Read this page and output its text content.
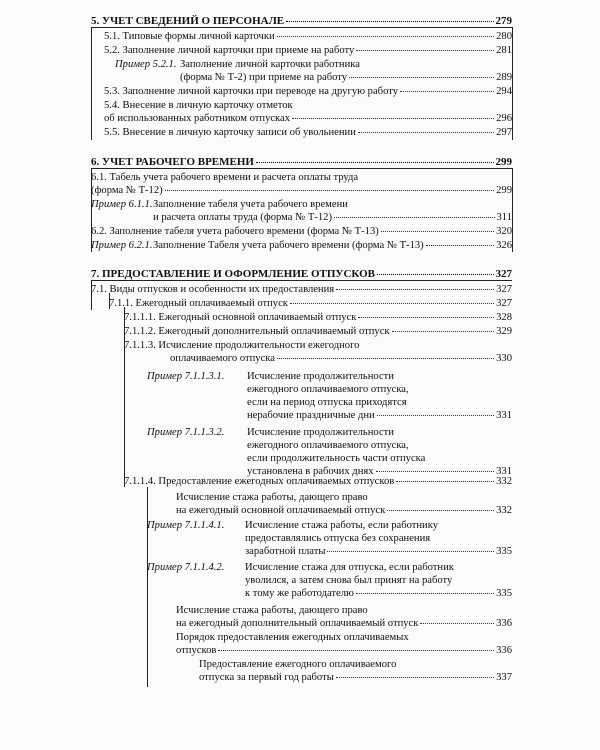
5. УЧЕТ СВЕДЕНИЙ О ПЕРСОНАЛЕ	279
5.1. Типовые формы личной карточки	280
5.2. Заполнение личной карточки при приеме на работу	281
Пример 5.2.1. Заполнение личной карточки работника
(форма № Т-2) при приеме на работу	289
5.3. Заполнение личной карточки при переводе на другую работу	294
5.4. Внесение в личную карточку отметок
об использованных работником отпусках	296
5.5. Внесение в личную карточку записи об увольнении	297
6. УЧЕТ РАБОЧЕГО ВРЕМЕНИ	299
6.1. Табель учета рабочего времени и расчета оплаты труда
(форма № Т-12)	299
Пример 6.1.1. Заполнение табеля учета рабочего времени
и расчета оплаты труда (форма № Т-12)	311
6.2. Заполнение табеля учета рабочего времени (форма № Т-13)	320
Пример 6.2.1. Заполнение Табеля учета рабочего времени (форма № Т-13)	326
7. ПРЕДОСТАВЛЕНИЕ И ОФОРМЛЕНИЕ ОТПУСКОВ	327
7.1. Виды отпусков и особенности их предоставления	327
7.1.1. Ежегодный оплачиваемый отпуск	327
7.1.1.1. Ежегодный основной оплачиваемый отпуск	328
7.1.1.2. Ежегодный дополнительный оплачиваемый отпуск	329
7.1.1.3. Исчисление продолжительности ежегодного
оплачиваемого отпуска	330
Пример 7.1.1.3.1. Исчисление продолжительности
ежегодного оплачиваемого отпуска,
если на период отпуска приходятся
нерабочие праздничные дни	331
Пример 7.1.1.3.2. Исчисление продолжительности
ежегодного оплачиваемого отпуска,
если продолжительность части отпуска
установлена в рабочих днях	331
7.1.1.4. Предоставление ежегодных оплачиваемых отпусков	332
Исчисление стажа работы, дающего право
на ежегодный основной оплачиваемый отпуск	332
Пример 7.1.1.4.1. Исчисление стажа работы, если работнику
предоставлялись отпуска без сохранения
заработной платы	335
Пример 7.1.1.4.2. Исчисление стажа для отпуска, если работник
уволился, а затем снова был принят на работу
к тому же работодателю	335
Исчисление стажа работы, дающего право
на ежегодный дополнительный оплачиваемый отпуск	336
Порядок предоставления ежегодных оплачиваемых
отпусков	336
Предоставление ежегодного оплачиваемого
отпуска за первый год работы	337
